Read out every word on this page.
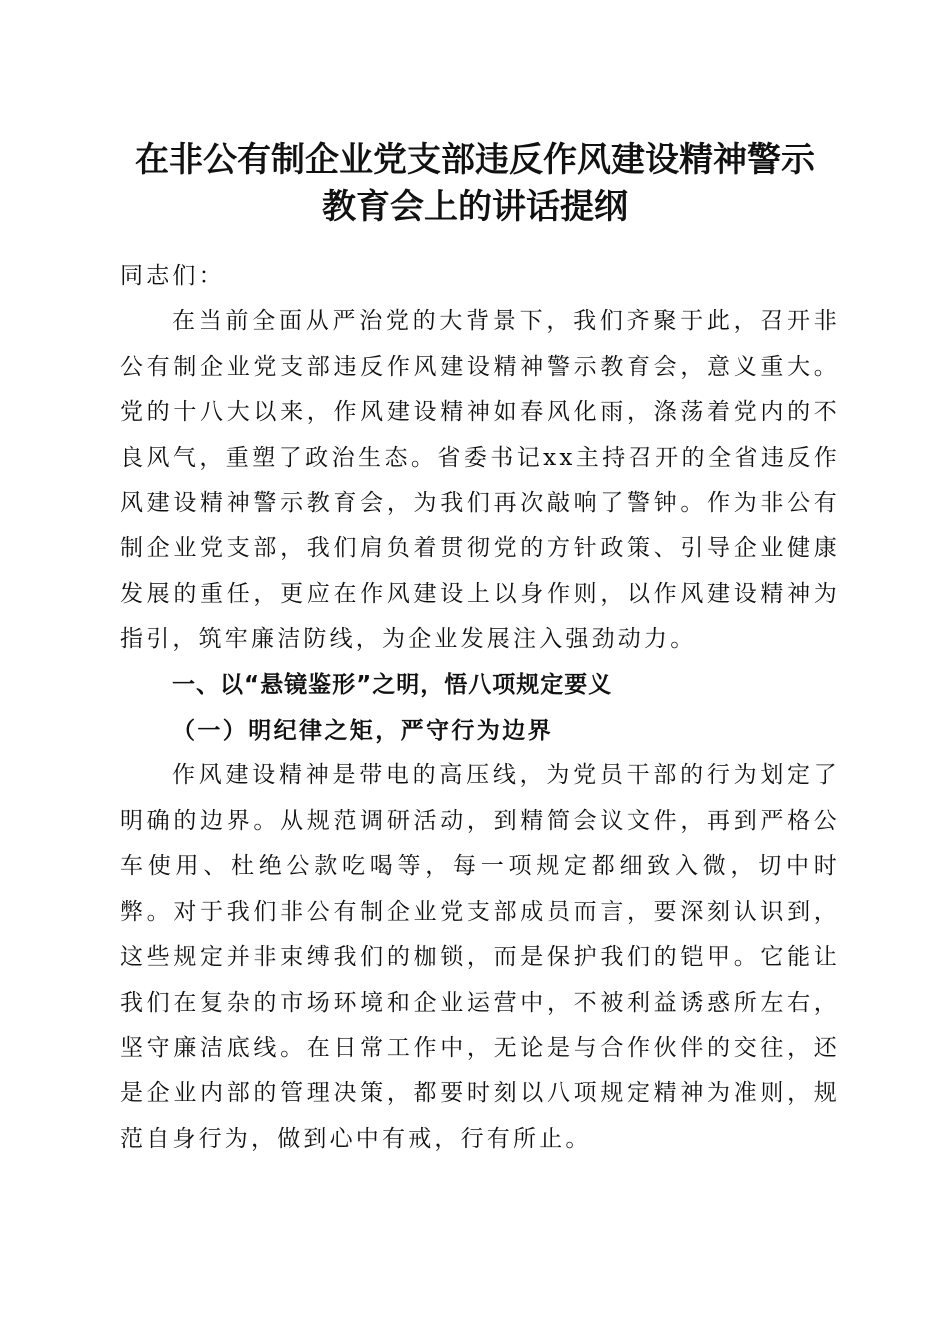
在非公有制企业党支部违反作风建设精神警示
教育会上的讲话提纲

同志们：

在当前全面从严治党的大背景下，我们齐聚于此，召开非公有制企业党支部违反作风建设精神警示教育会，意义重大。党的十八大以来，作风建设精神如春风化雨，涤荡着党内的不良风气，重塑了政治生态。省委书记xx主持召开的全省违反作风建设精神警示教育会，为我们再次敲响了警钟。作为非公有制企业党支部，我们肩负着贯彻党的方针政策、引导企业健康发展的重任，更应在作风建设上以身作则，以作风建设精神为指引，筑牢廉洁防线，为企业发展注入强劲动力。

一、以“悬镜鉴形”之明，悟八项规定要义

（一）明纪律之矩，严守行为边界

作风建设精神是带电的高压线，为党员干部的行为划定了明确的边界。从规范调研活动，到精简会议文件，再到严格公车使用、杜绝公款吃喝等，每一项规定都细致入微，切中时弊。对于我们非公有制企业党支部成员而言，要深刻认识到，这些规定并非束缚我们的枷锁，而是保护我们的铠甲。它能让我们在复杂的市场环境和企业运营中，不被利益诱惑所左右，坚守廉洁底线。在日常工作中，无论是与合作伙伴的交往，还是企业内部的管理决策，都要时刻以八项规定精神为准则，规范自身行为，做到心中有戒，行有所止。
